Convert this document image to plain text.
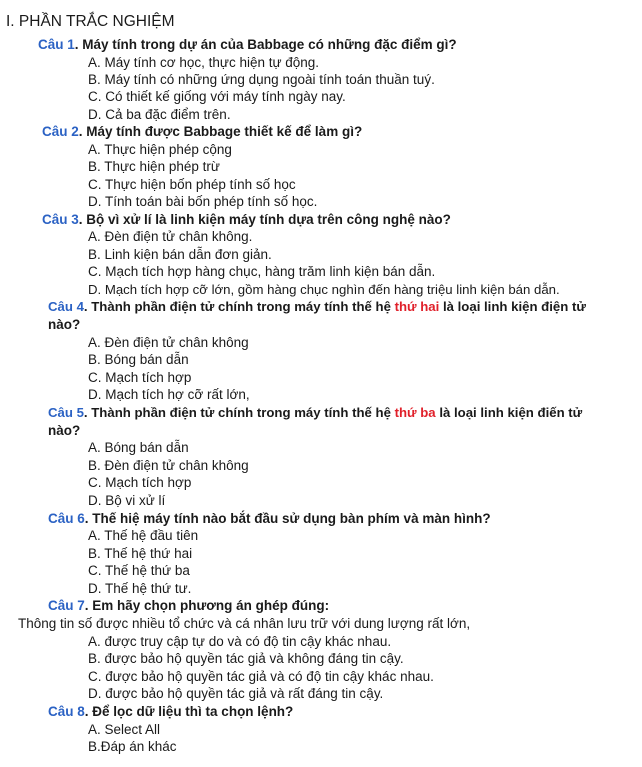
I. PHẦN TRẮC NGHIỆM
Câu 1. Máy tính trong dự án của Babbage có những đặc điểm gì?
A. Máy tính cơ học, thực hiện tự động.
B. Máy tính có những ứng dụng ngoài tính toán thuần tuý.
C. Có thiết kế giống với máy tính ngày nay.
D. Cả ba đặc điểm trên.
Câu 2. Máy tính được Babbage thiết kế để làm gì?
A. Thực hiện phép cộng
B. Thực hiện phép trừ
C. Thực hiện bốn phép tính số học
D. Tính toán bài bốn phép tính số học.
Câu 3. Bộ vì xử lí là linh kiện máy tính dựa trên công nghệ nào?
A. Đèn điện tử chân không.
B. Linh kiện bán dẫn đơn giản.
C. Mạch tích hợp hàng chục, hàng trăm linh kiện bán dẫn.
D. Mạch tích hợp cỡ lớn, gồm hàng chục nghìn đến hàng triệu linh kiện bán dẫn.
Câu 4. Thành phần điện tử chính trong máy tính thế hệ thứ hai là loại linh kiện điện tử
nào?
A. Đèn điện tử chân không
B. Bóng bán dẫn
C. Mạch tích hợp
D. Mạch tích hợ cỡ rất lớn,
Câu 5. Thành phần điện tử chính trong máy tính thế hệ thứ ba là loại linh kiện điến tử
nào?
A. Bóng bán dẫn
B. Đèn điện tử chân không
C. Mạch tích hợp
D. Bộ vi xử lí
Câu 6. Thế hiệ máy tính nào bắt đầu sử dụng bàn phím và màn hình?
A. Thế hệ đầu tiên
B. Thế hệ thứ hai
C. Thế hệ thứ ba
D. Thế hệ thứ tư.
Câu 7. Em hãy chọn phương án ghép đúng:
Thông tin số được nhiều tổ chức và cá nhân lưu trữ với dung lượng rất lớn,
A. được truy cập tự do và có độ tin cậy khác nhau.
B. được bảo hộ quyền tác giả và không đáng tin cậy.
C. được bảo hộ quyền tác giả và có độ tin cậy khác nhau.
D. được bảo hộ quyền tác giả và rất đáng tin cậy.
Câu 8. Để lọc dữ liệu thì ta chọn lệnh?
A. Select All
B.Đáp án khác
